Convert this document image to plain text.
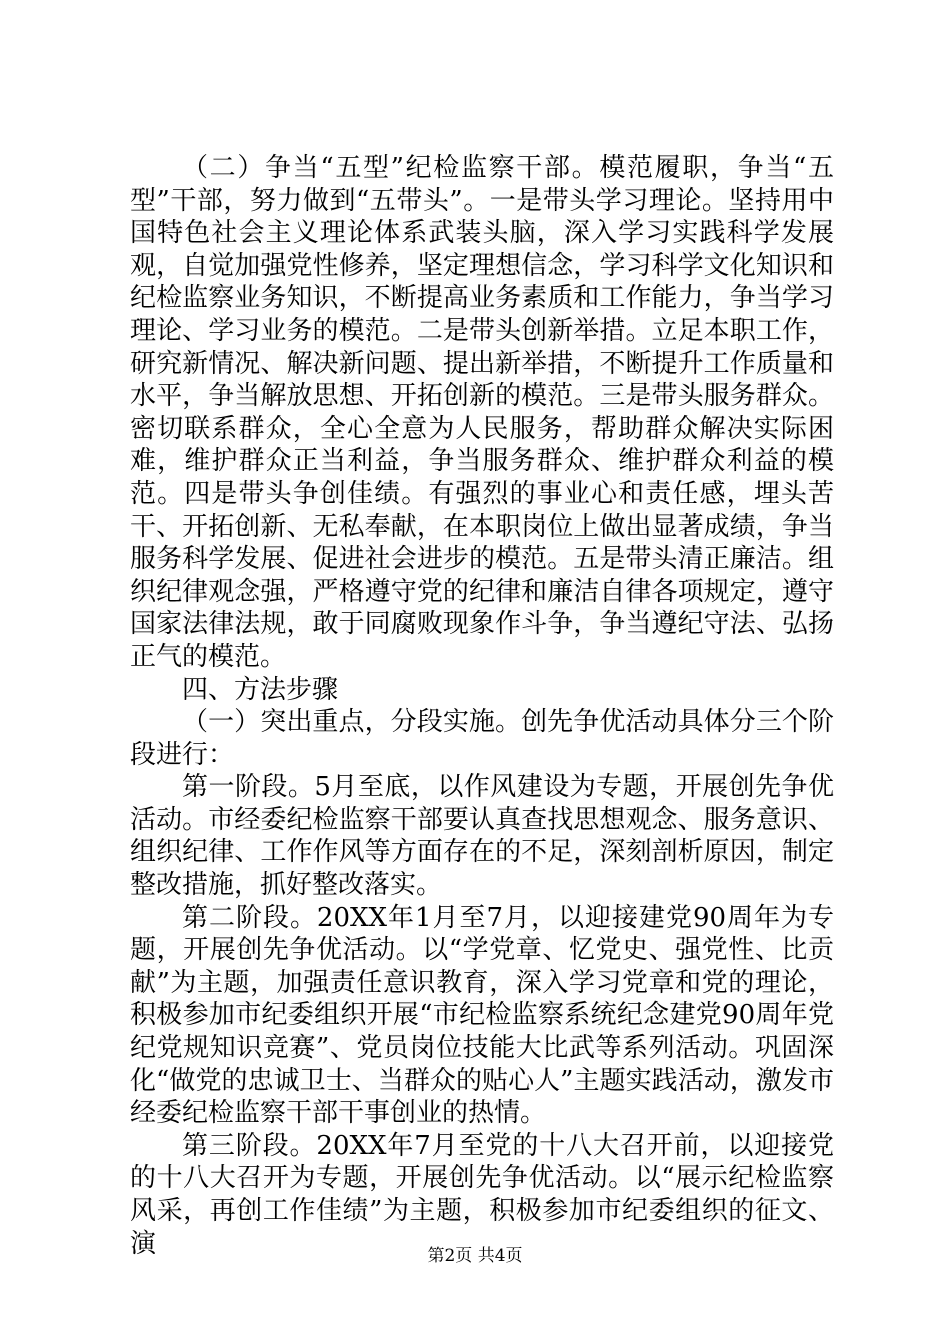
（二）争当“五型”纪检监察干部。模范履职，争当“五型”干部，努力做到“五带头”。一是带头学习理论。坚持用中国特色社会主义理论体系武装头脑，深入学习实践科学发展观，自觉加强党性修养，坚定理想信念，学习科学文化知识和纪检监察业务知识，不断提高业务素质和工作能力，争当学习理论、学习业务的模范。二是带头创新举措。立足本职工作，研究新情况、解决新问题、提出新举措，不断提升工作质量和水平，争当解放思想、开拓创新的模范。三是带头服务群众。密切联系群众，全心全意为人民服务，帮助群众解决实际困难，维护群众正当利益，争当服务群众、维护群众利益的模范。四是带头争创佳绩。有强烈的事业心和责任感，埋头苦干、开拓创新、无私奉献，在本职岗位上做出显著成绩，争当服务科学发展、促进社会进步的模范。五是带头清正廉洁。组织纪律观念强，严格遵守党的纪律和廉洁自律各项规定，遵守国家法律法规，敢于同腐败现象作斗争，争当遵纪守法、弘扬正气的模范。

四、方法步骤

（一）突出重点，分段实施。创先争优活动具体分三个阶段进行：

第一阶段。5月至底，以作风建设为专题，开展创先争优活动。市经委纪检监察干部要认真查找思想观念、服务意识、组织纪律、工作作风等方面存在的不足，深刻剖析原因，制定整改措施，抓好整改落实。

第二阶段。20XX年1月至7月，以迎接建党90周年为专题，开展创先争优活动。以“学党章、忆党史、强党性、比贡献”为主题，加强责任意识教育，深入学习党章和党的理论，积极参加市纪委组织开展“市纪检监察系统纪念建党90周年党纪党规知识竞赛”、党员岗位技能大比武等系列活动。巩固深化“做党的忠诚卫士、当群众的贴心人”主题实践活动，激发市经委纪检监察干部干事创业的热情。

第三阶段。20XX年7月至党的十八大召开前，以迎接党的十八大召开为专题，开展创先争优活动。以“展示纪检监察风采，再创工作佳绩”为主题，积极参加市纪委组织的征文、演	第2页 共4页
